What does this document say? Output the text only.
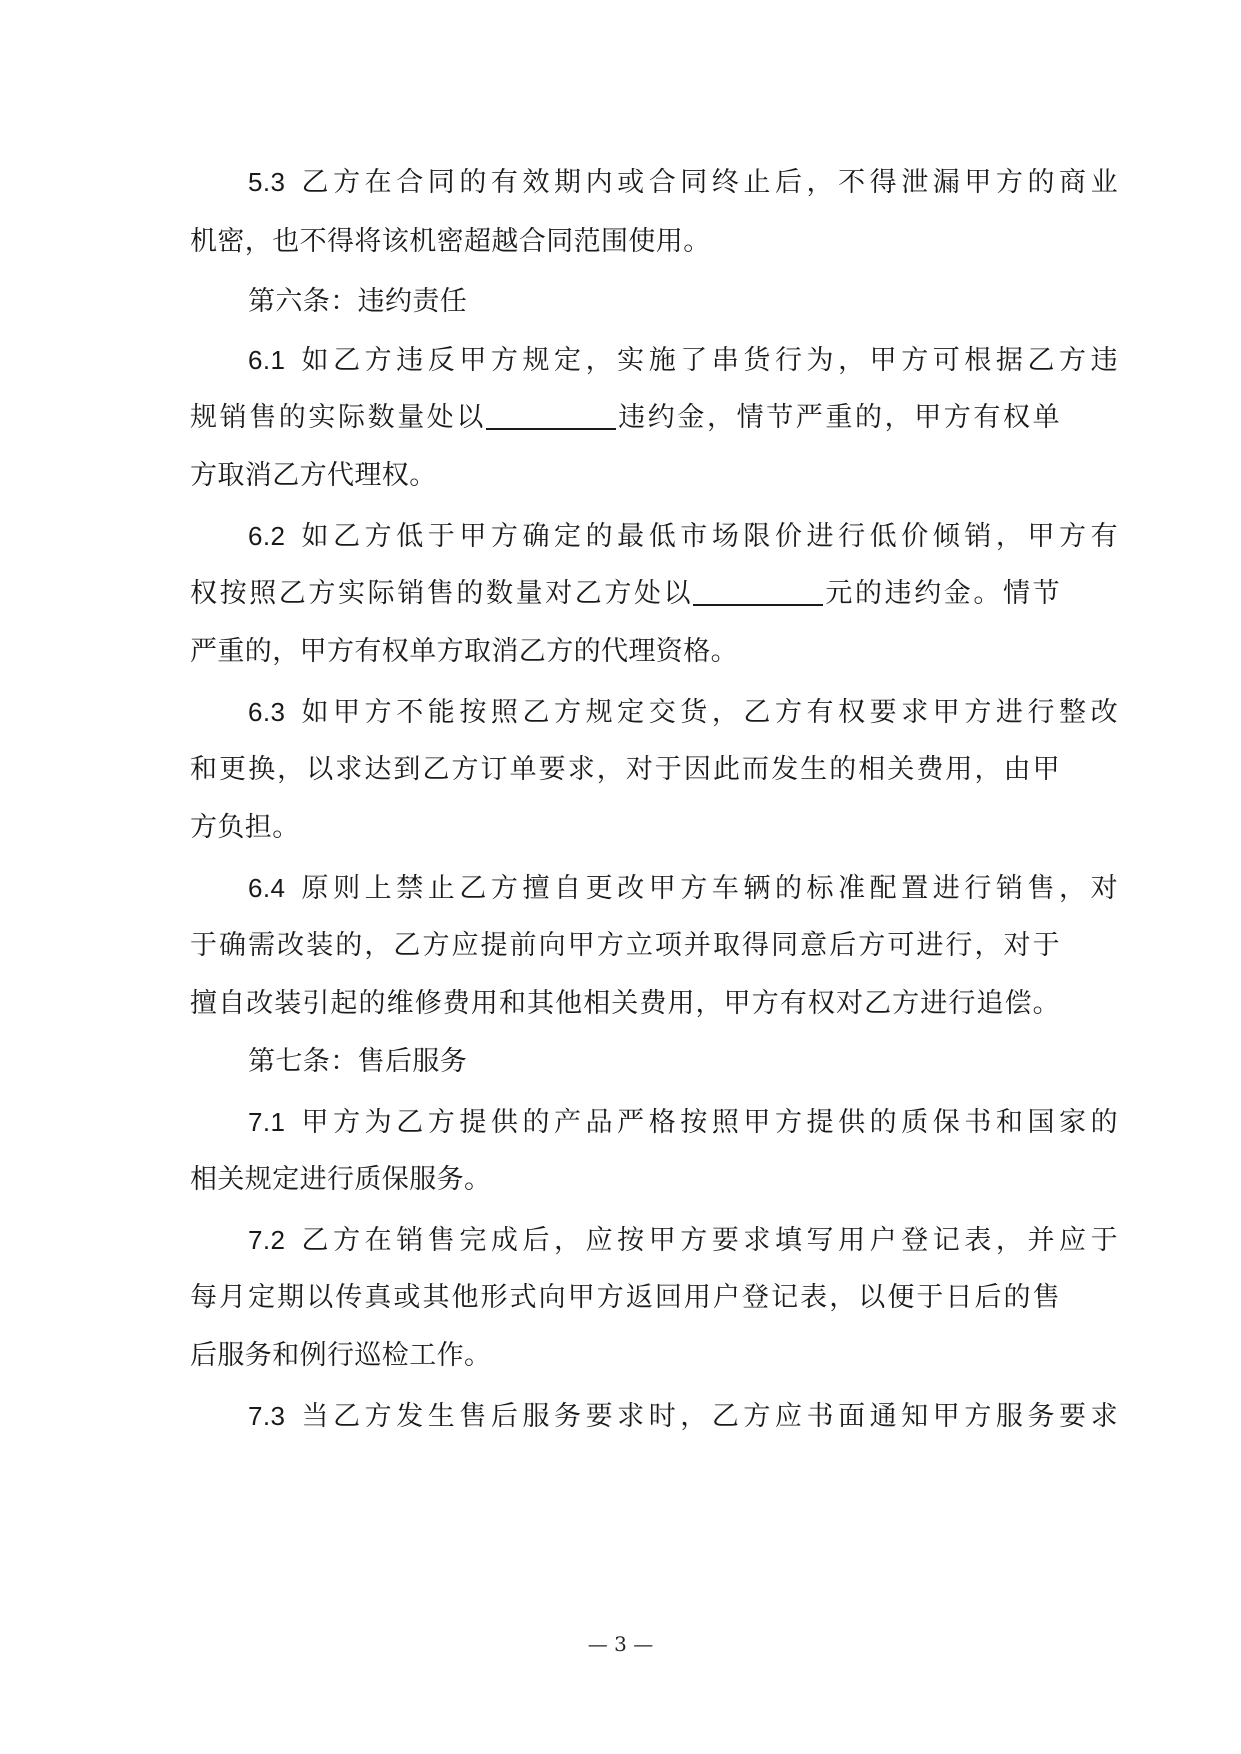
5.3 乙方在合同的有效期内或合同终止后，不得泄漏甲方的商业
机密，也不得将该机密超越合同范围使用。
第六条：违约责任
6.1 如乙方违反甲方规定，实施了串货行为，甲方可根据乙方违
规销售的实际数量处以	违约金，情节严重的，甲方有权单
方取消乙方代理权。
6.2 如乙方低于甲方确定的最低市场限价进行低价倾销，甲方有
权按照乙方实际销售的数量对乙方处以	元的违约金。情节
严重的，甲方有权单方取消乙方的代理资格。
6.3 如甲方不能按照乙方规定交货，乙方有权要求甲方进行整改
和更换，以求达到乙方订单要求，对于因此而发生的相关费用，由甲
方负担。
6.4 原则上禁止乙方擅自更改甲方车辆的标准配置进行销售，对
于确需改装的，乙方应提前向甲方立项并取得同意后方可进行，对于
擅自改装引起的维修费用和其他相关费用，甲方有权对乙方进行追偿。
第七条：售后服务
7.1 甲方为乙方提供的产品严格按照甲方提供的质保书和国家的
相关规定进行质保服务。
7.2 乙方在销售完成后，应按甲方要求填写用户登记表，并应于
每月定期以传真或其他形式向甲方返回用户登记表，以便于日后的售
后服务和例行巡检工作。
7.3 当乙方发生售后服务要求时，乙方应书面通知甲方服务要求
— 3 —
